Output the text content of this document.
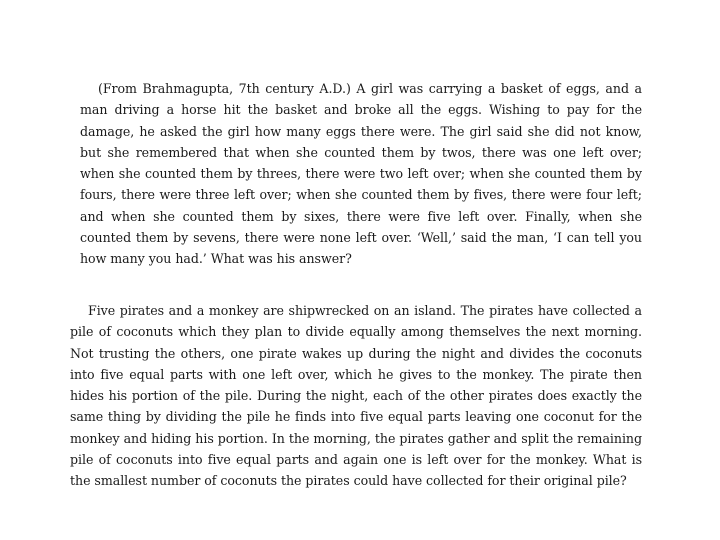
(From Brahmagupta, 7th century A.D.) A girl was carrying a basket of eggs, and a man driving a horse hit the basket and broke all the eggs. Wishing to pay for the damage, he asked the girl how many eggs there were. The girl said she did not know, but she remembered that when she counted them by twos, there was one left over; when she counted them by threes, there were two left over; when she counted them by fours, there were three left over; when she counted them by fives, there were four left; and when she counted them by sixes, there were five left over. Finally, when she counted them by sevens, there were none left over. ‘Well,’ said the man, ‘I can tell you how many you had.’ What was his answer?

Five pirates and a monkey are shipwrecked on an island. The pirates have collected a pile of coconuts which they plan to divide equally among themselves the next morning. Not trusting the others, one pirate wakes up during the night and divides the coconuts into five equal parts with one left over, which he gives to the monkey. The pirate then hides his portion of the pile. During the night, each of the other pirates does exactly the same thing by dividing the pile he finds into five equal parts leaving one coconut for the monkey and hiding his portion. In the morning, the pirates gather and split the remaining pile of coconuts into five equal parts and again one is left over for the monkey. What is the smallest number of coconuts the pirates could have collected for their original pile?
